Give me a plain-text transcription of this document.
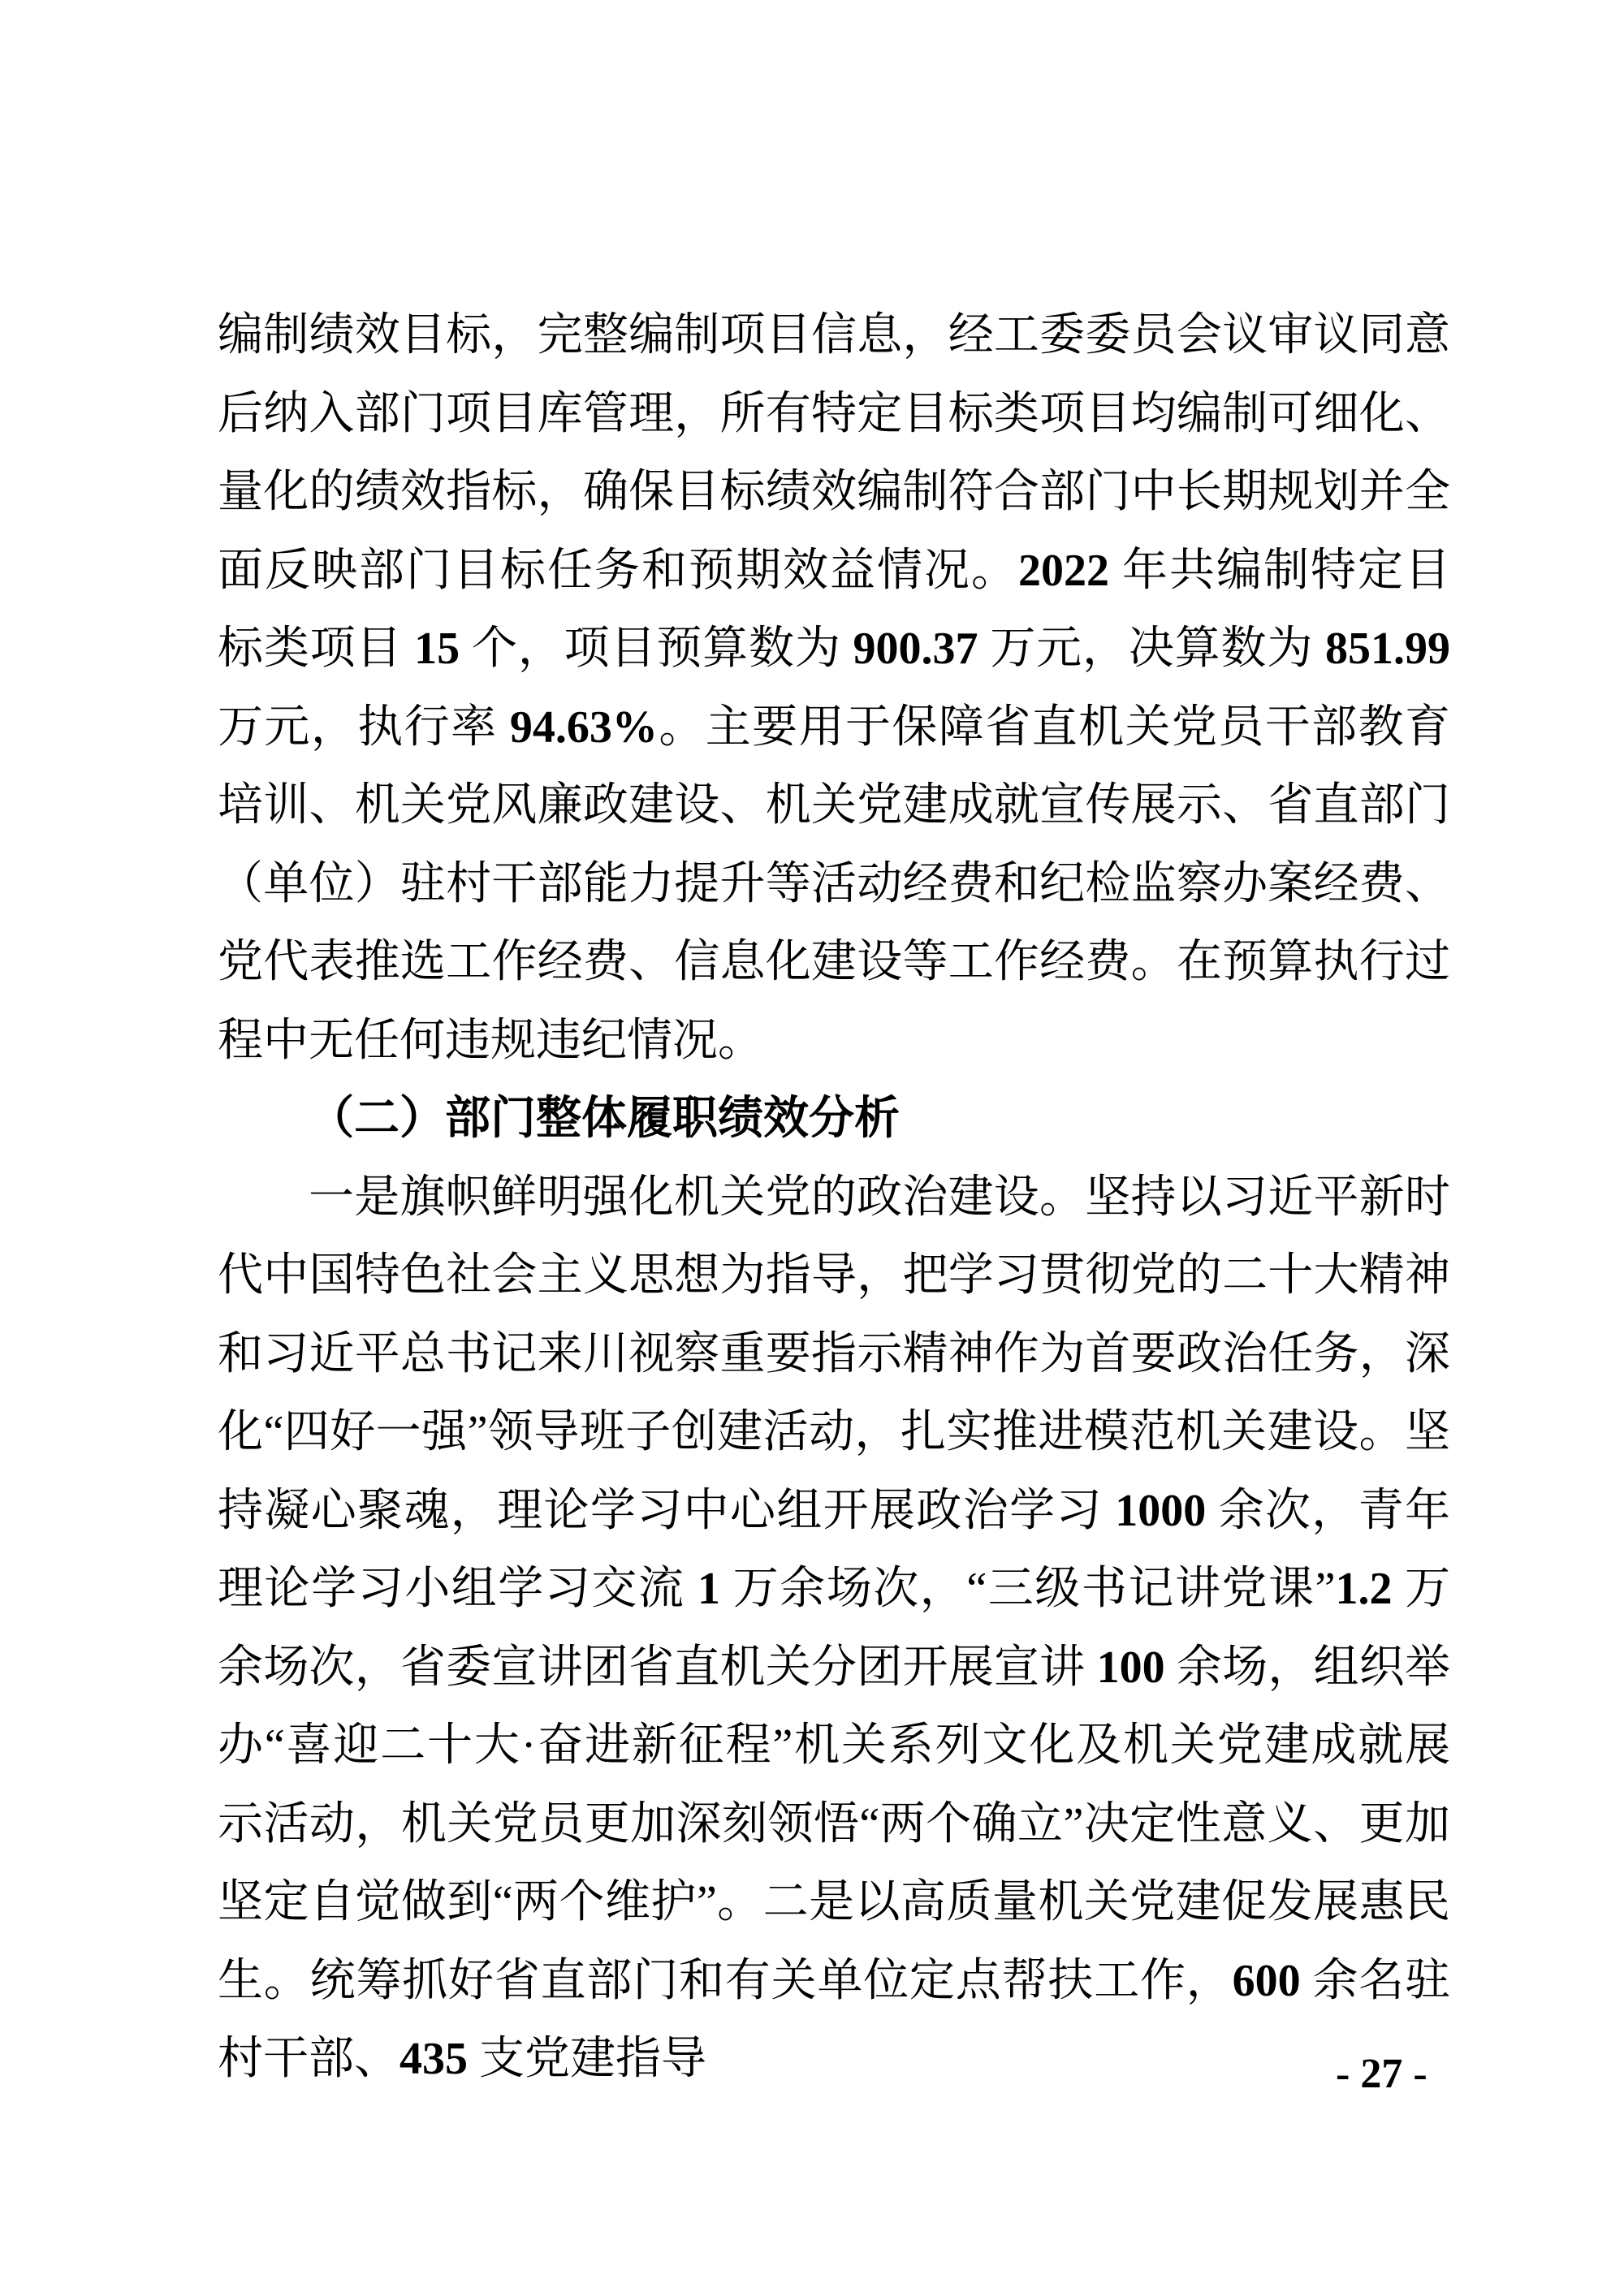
编制绩效目标，完整编制项目信息，经工委委员会议审议同意后纳入部门项目库管理，所有特定目标类项目均编制可细化、量化的绩效指标，确保目标绩效编制符合部门中长期规划并全面反映部门目标任务和预期效益情况。2022 年共编制特定目标类项目 15 个，项目预算数为 900.37 万元，决算数为 851.99 万元，执行率 94.63%。主要用于保障省直机关党员干部教育培训、机关党风廉政建设、机关党建成就宣传展示、省直部门（单位）驻村干部能力提升等活动经费和纪检监察办案经费、党代表推选工作经费、信息化建设等工作经费。在预算执行过程中无任何违规违纪情况。

（二）部门整体履职绩效分析

一是旗帜鲜明强化机关党的政治建设。坚持以习近平新时代中国特色社会主义思想为指导，把学习贯彻党的二十大精神和习近平总书记来川视察重要指示精神作为首要政治任务，深化“四好一强”领导班子创建活动，扎实推进模范机关建设。坚持凝心聚魂，理论学习中心组开展政治学习 1000 余次，青年理论学习小组学习交流 1 万余场次，“三级书记讲党课”1.2 万余场次，省委宣讲团省直机关分团开展宣讲 100 余场，组织举办“喜迎二十大·奋进新征程”机关系列文化及机关党建成就展示活动，机关党员更加深刻领悟“两个确立”决定性意义、更加坚定自觉做到“两个维护”。二是以高质量机关党建促发展惠民生。统筹抓好省直部门和有关单位定点帮扶工作，600 余名驻村干部、435 支党建指导	- 27 -
